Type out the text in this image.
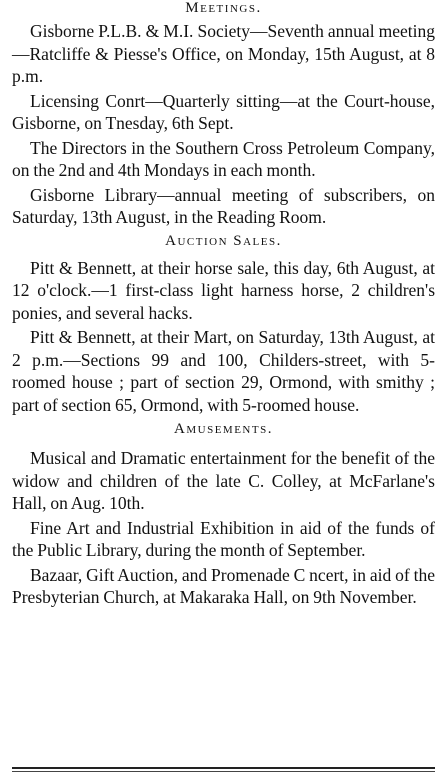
Meetings.

Gisborne P.L.B. & M.I. Society—Seventh annual meeting—Ratcliffe & Piesse's Office, on Monday, 15th August, at 8 p.m.

Licensing Conrt—Quarterly sitting—at the Court-house, Gisborne, on Tnesday, 6th Sept.

The Directors in the Southern Cross Petroleum Company, on the 2nd and 4th Mondays in each month.

Gisborne Library—annual meeting of subscribers, on Saturday, 13th August, in the Reading Room.

Auction Sales.

Pitt & Bennett, at their horse sale, this day, 6th August, at 12 o'clock.—1 first-class light harness horse, 2 children's ponies, and several hacks.

Pitt & Bennett, at their Mart, on Saturday, 13th August, at 2 p.m.—Sections 99 and 100, Childers-street, with 5-roomed house ; part of section 29, Ormond, with smithy ; part of section 65, Ormond, with 5-roomed house.

Amusements.

Musical and Dramatic entertainment for the benefit of the widow and children of the late C. Colley, at McFarlane's Hall, on Aug. 10th.

Fine Art and Industrial Exhibition in aid of the funds of the Public Library, during the month of September.

Bazaar, Gift Auction, and Promenade C ncert, in aid of the Presbyterian Church, at Makaraka Hall, on 9th November.
